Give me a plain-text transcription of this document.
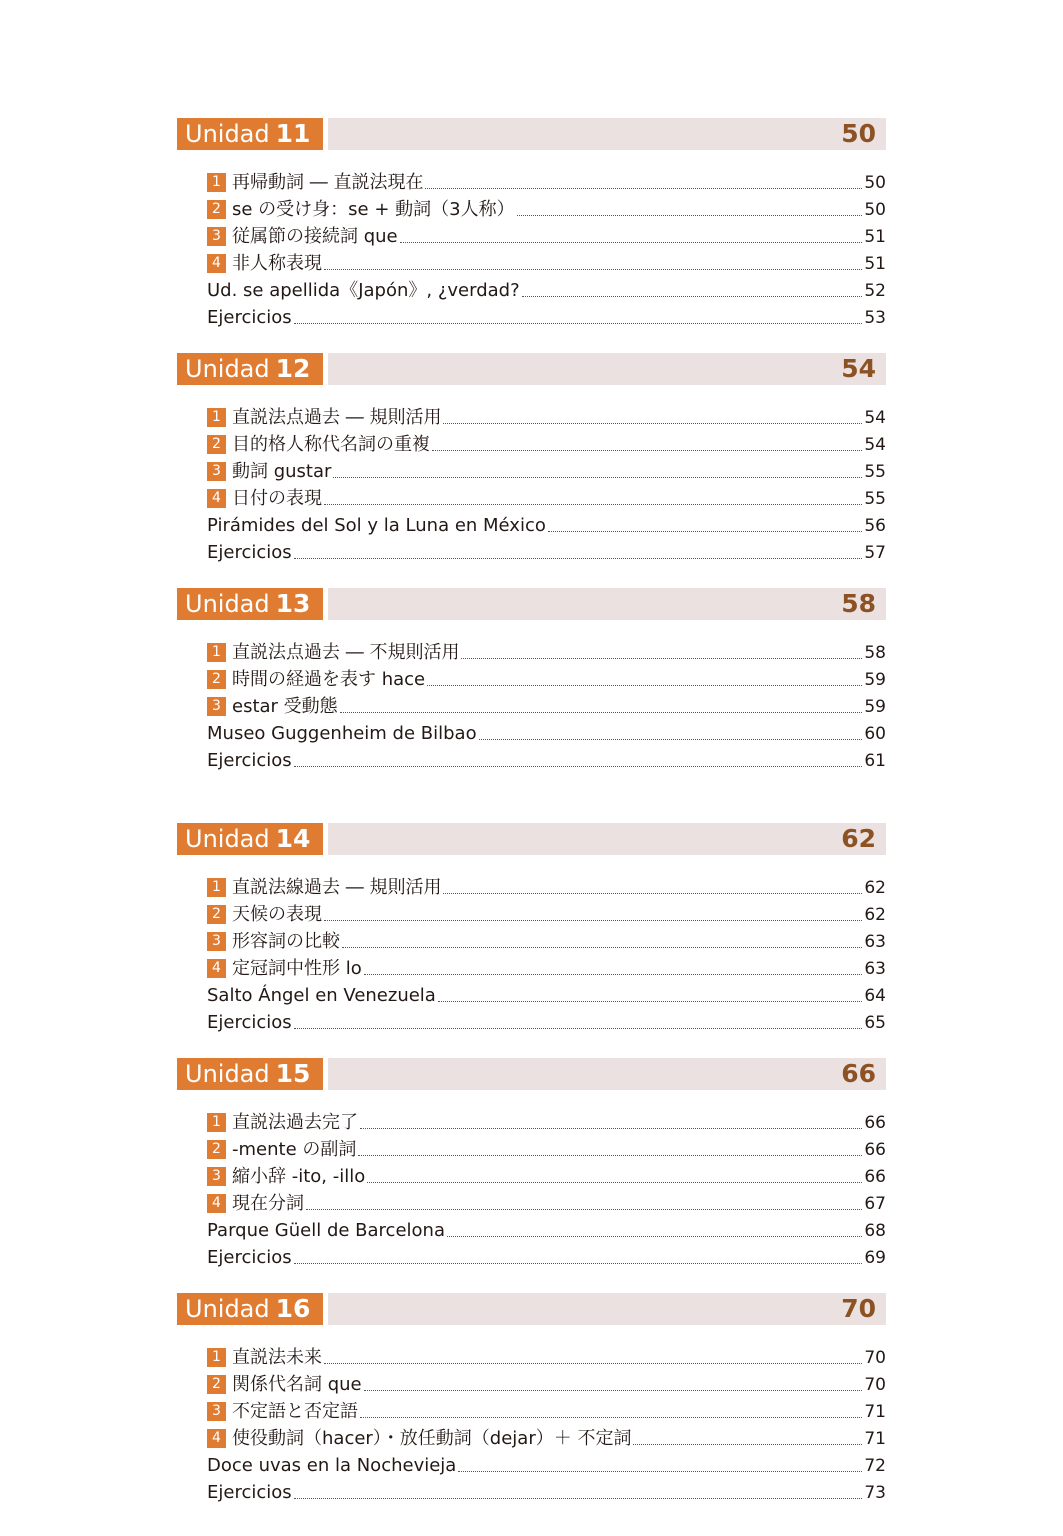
Unidad 11	50
1 再帰動詞 ― 直説法現在	50
2 se の受け身：se + 動詞（3人称）	50
3 従属節の接続詞 que	51
4 非人称表現	51
Ud. se apellida《Japón》, ¿verdad?	52
Ejercicios	53
Unidad 12	54
1 直説法点過去 ― 規則活用	54
2 目的格人称代名詞の重複	54
3 動詞 gustar	55
4 日付の表現	55
Pirámides del Sol y la Luna en México	56
Ejercicios	57
Unidad 13	58
1 直説法点過去 ― 不規則活用	58
2 時間の経過を表す hace	59
3 estar 受動態	59
Museo Guggenheim de Bilbao	60
Ejercicios	61
Unidad 14	62
1 直説法線過去 ― 規則活用	62
2 天候の表現	62
3 形容詞の比較	63
4 定冠詞中性形 lo	63
Salto Ángel en Venezuela	64
Ejercicios	65
Unidad 15	66
1 直説法過去完了	66
2 -mente の副詞	66
3 縮小辞 -ito, -illo	66
4 現在分詞	67
Parque Güell de Barcelona	68
Ejercicios	69
Unidad 16	70
1 直説法未来	70
2 関係代名詞 que	70
3 不定語と否定語	71
4 使役動詞（hacer）・放任動詞（dejar）＋ 不定詞	71
Doce uvas en la Nochevieja	72
Ejercicios	73
